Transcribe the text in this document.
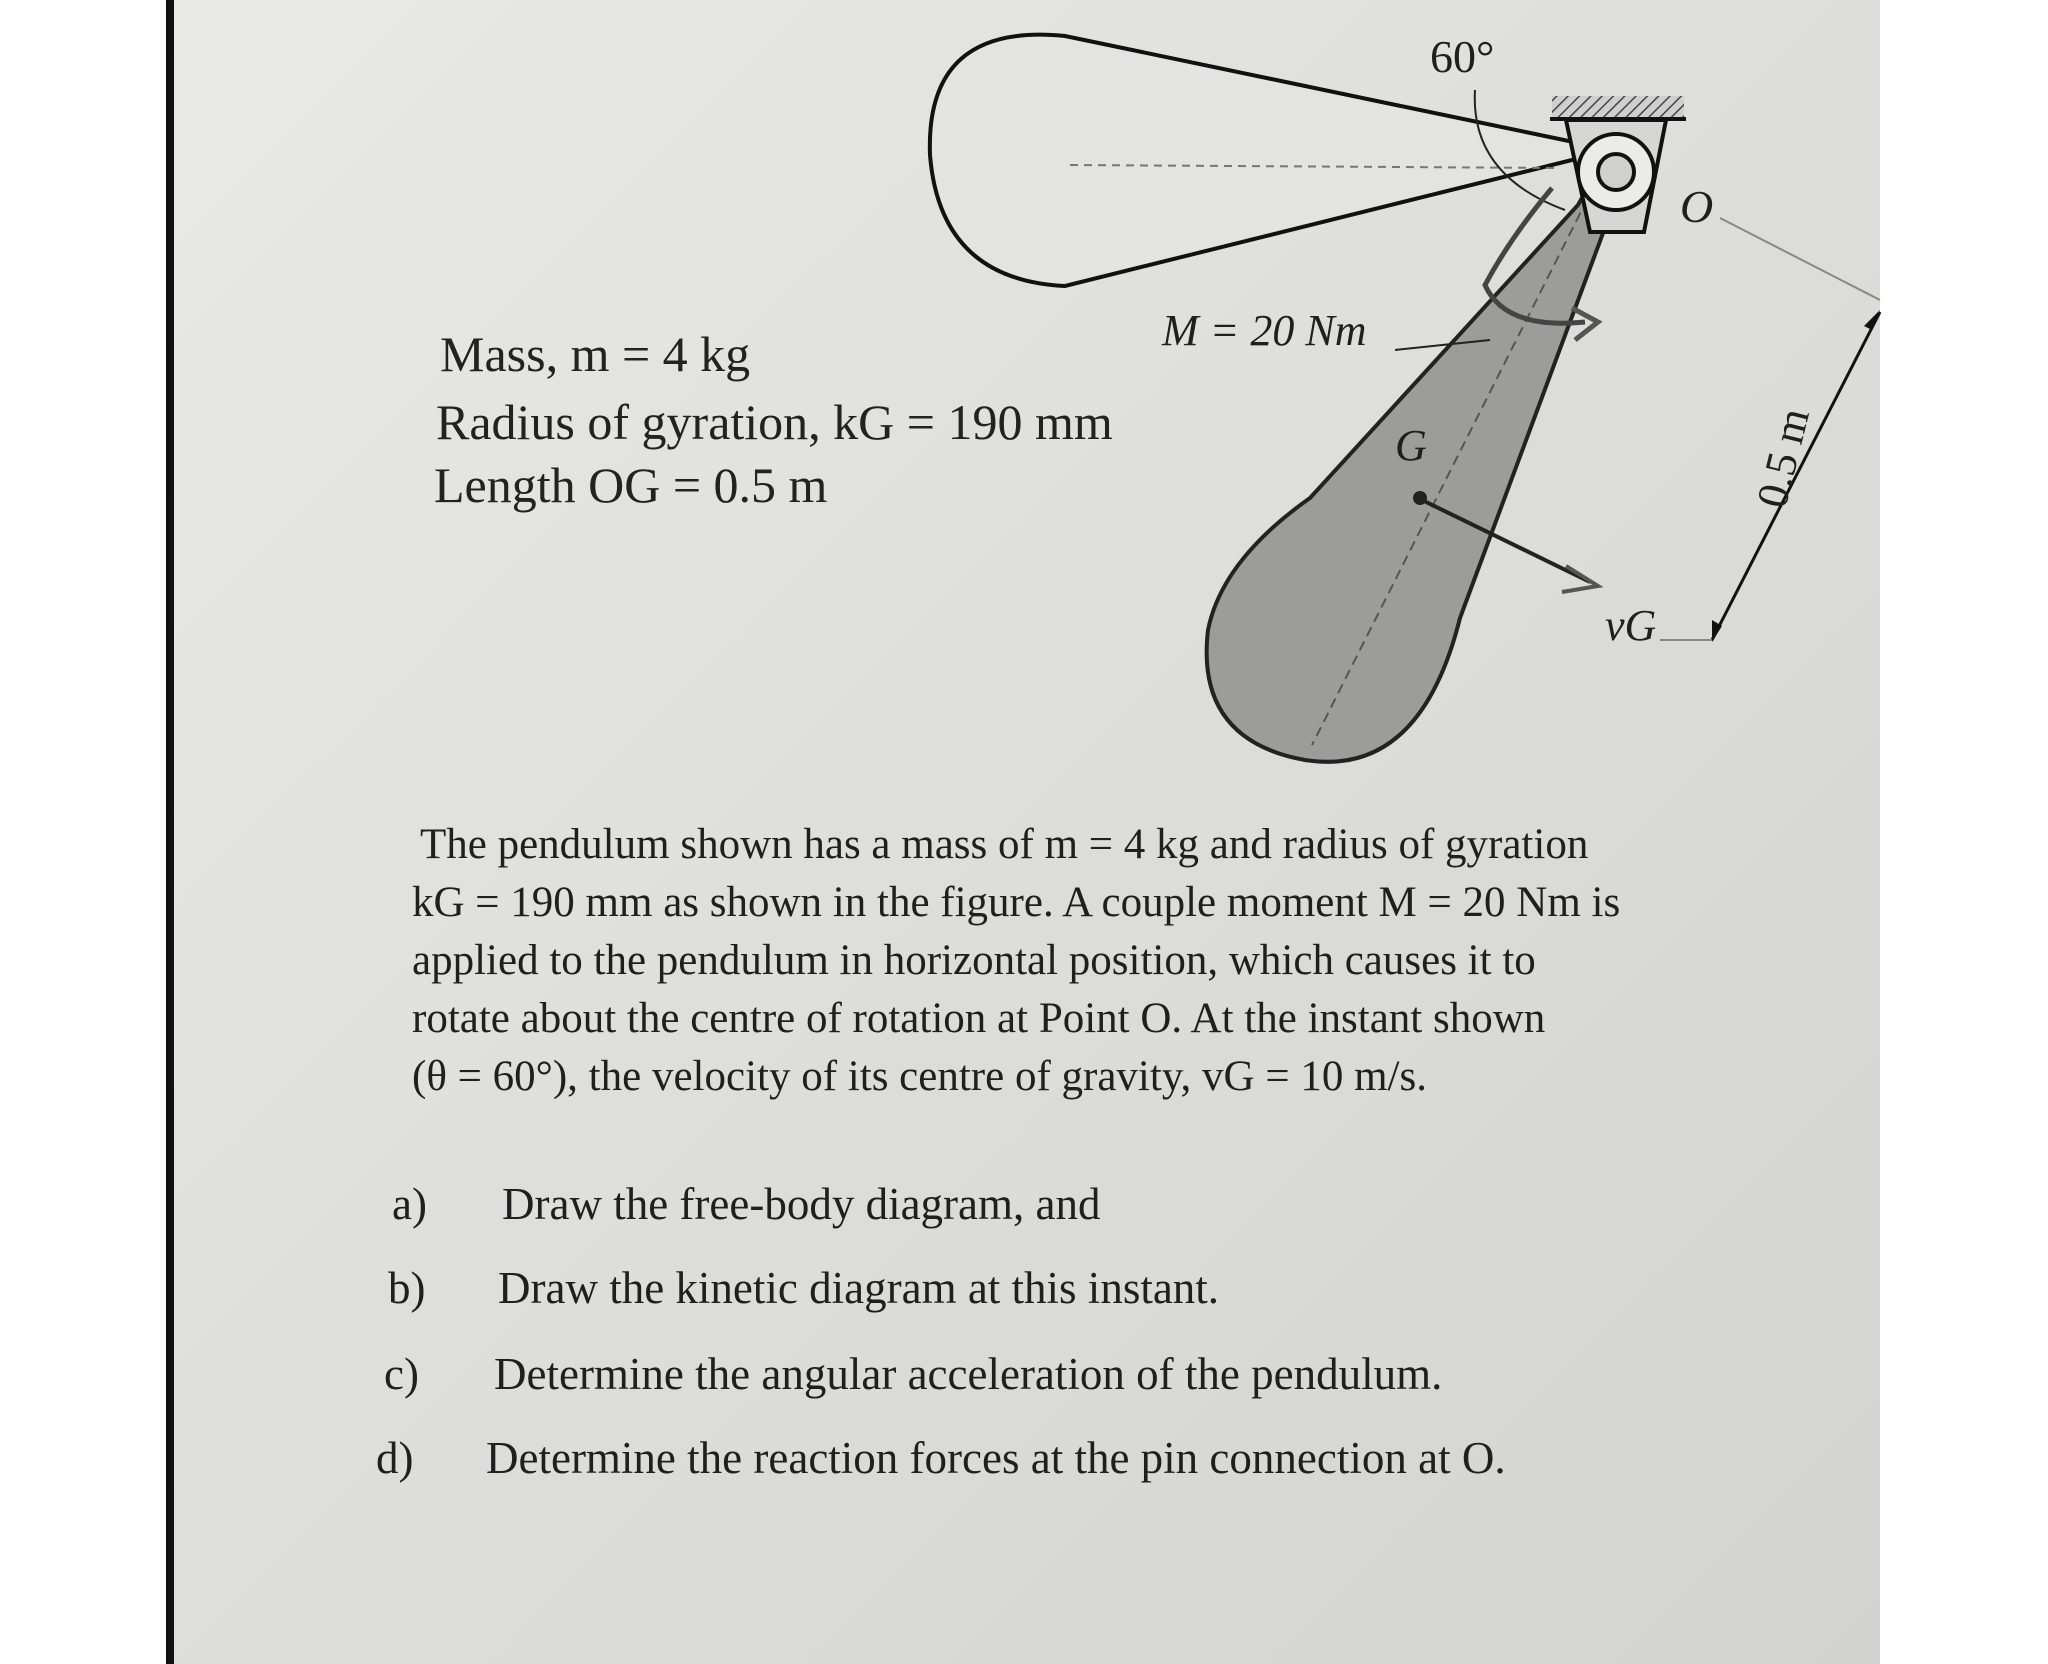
60°
M = 20 Nm
O
G
vG
0.5 m
Mass, m = 4 kg
Radius of gyration, kG = 190 mm
Length OG = 0.5 m

The pendulum shown has a mass of m = 4 kg and radius of gyration

kG = 190 mm as shown in the figure. A couple moment M = 20 Nm is

applied to the pendulum in horizontal position, which causes it to

rotate about the centre of rotation at Point O. At the instant shown

(θ = 60°), the velocity of its centre of gravity, vG = 10 m/s.

a) Draw the free-body diagram, and
b) Draw the kinetic diagram at this instant.
c) Determine the angular acceleration of the pendulum.
d) Determine the reaction forces at the pin connection at O.
